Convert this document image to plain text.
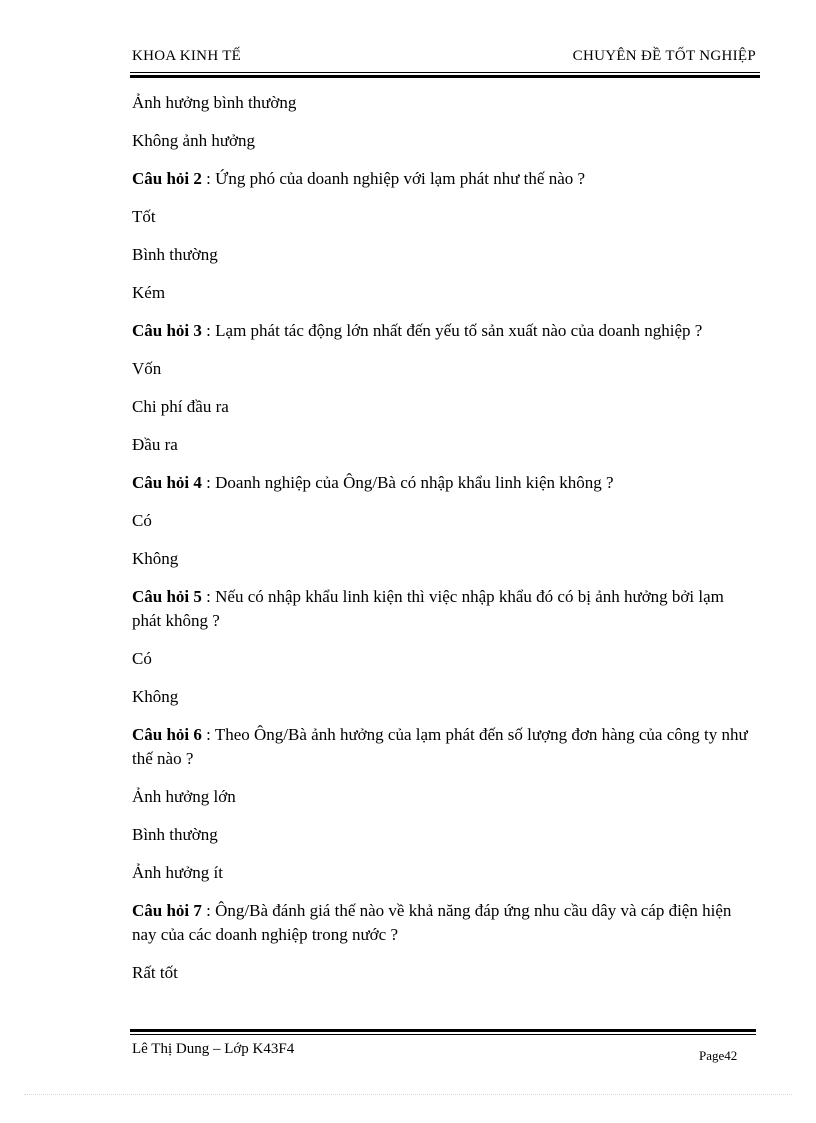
KHOA KINH TẾ	CHUYÊN ĐỀ TỐT NGHIỆP

Ảnh hưởng bình thường

Không ảnh hưởng

Câu hỏi 2 : Ứng phó của doanh nghiệp với lạm phát như thế nào ?

Tốt

Bình thường

Kém

Câu hỏi 3 : Lạm phát tác động lớn nhất đến yếu tố sản xuất nào của doanh nghiệp ?

Vốn

Chi phí đầu ra

Đầu ra

Câu hỏi 4 : Doanh nghiệp của Ông/Bà có nhập khẩu linh kiện không ?

Có

Không

Câu hỏi 5 : Nếu có nhập khẩu linh kiện thì việc nhập khẩu đó có bị ảnh hưởng bởi lạm phát không ?

Có

Không

Câu hỏi 6 : Theo Ông/Bà ảnh hưởng của lạm phát đến số lượng đơn hàng của công ty như thế nào ?

Ảnh hưởng lớn

Bình thường

Ảnh hưởng ít

Câu hỏi 7 : Ông/Bà đánh giá thế nào về khả năng đáp ứng nhu cầu dây và cáp điện hiện nay của các doanh nghiệp trong nước ?

Rất tốt

Lê Thị Dung – Lớp K43F4	Page42
